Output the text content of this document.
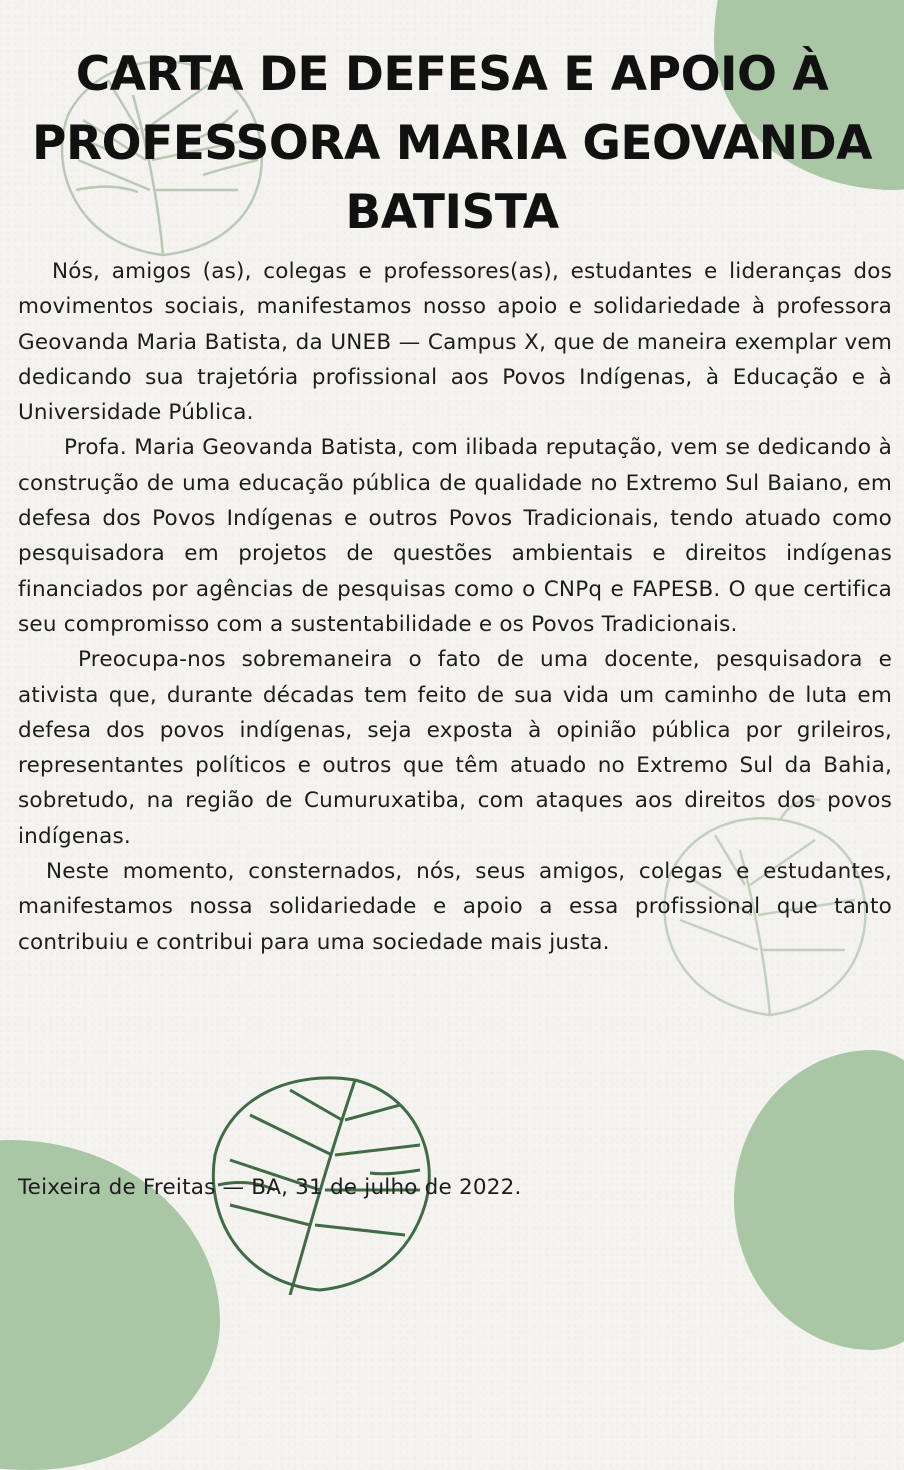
CARTA DE DEFESA E APOIO À
PROFESSORA MARIA GEOVANDA
BATISTA

Nós, amigos (as), colegas e professores(as), estudantes e lideranças dos movimentos sociais, manifestamos nosso apoio e solidariedade à professora Geovanda Maria Batista, da UNEB — Campus X, que de maneira exemplar vem dedicando sua trajetória profissional aos Povos Indígenas, à Educação e à Universidade Pública.

Profa. Maria Geovanda Batista, com ilibada reputação, vem se dedicando à construção de uma educação pública de qualidade no Extremo Sul Baiano, em defesa dos Povos Indígenas e outros Povos Tradicionais, tendo atuado como pesquisadora em projetos de questões ambientais e direitos indígenas financiados por agências de pesquisas como o CNPq e FAPESB. O que certifica seu compromisso com a sustentabilidade e os Povos Tradicionais.

Preocupa-nos sobremaneira o fato de uma docente, pesquisadora e ativista que, durante décadas tem feito de sua vida um caminho de luta em defesa dos povos indígenas, seja exposta à opinião pública por grileiros, representantes políticos e outros que têm atuado no Extremo Sul da Bahia, sobretudo, na região de Cumuruxatiba, com ataques aos direitos dos povos indígenas.

Neste momento, consternados, nós, seus amigos, colegas e estudantes, manifestamos nossa solidariedade e apoio a essa profissional que tanto contribuiu e contribui para uma sociedade mais justa.

Teixeira de Freitas — BA, 31 de julho de 2022.
